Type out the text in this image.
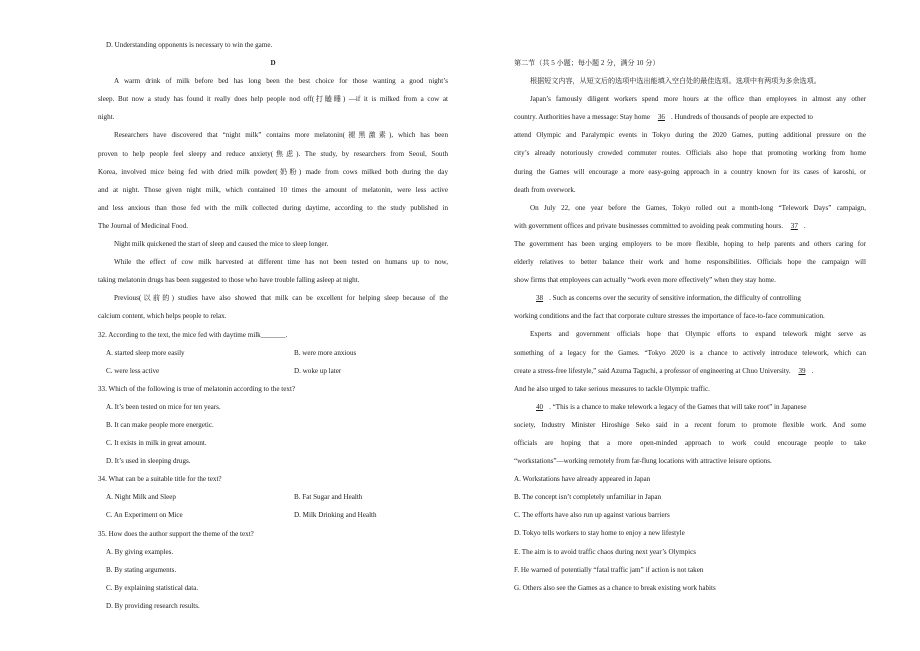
D. Understanding opponents is necessary to win the game.
D
A warm drink of milk before bed has long been the best choice for those wanting a good night’s
sleep. But now a study has found it really does help people nod off(打瞌睡) —if it is milked from a cow at
night.
Researchers have discovered that “night milk” contains more melatonin(褪黑激素), which has been
proven to help people feel sleepy and reduce anxiety(焦虑). The study, by researchers from Seoul, South
Korea, involved mice being fed with dried milk powder(奶粉) made from cows milked both during the day
and at night. Those given night milk, which contained 10 times the amount of melatonin, were less active
and less anxious than those fed with the milk collected during daytime, according to the study published in
The Journal of Medicinal Food.
Night milk quickened the start of sleep and caused the mice to sleep longer.
While the effect of cow milk harvested at different time has not been tested on humans up to now,
taking melatonin drugs has been suggested to those who have trouble falling asleep at night.
Previous(以前的) studies have also showed that milk can be excellent for helping sleep because of the
calcium content, which helps people to relax.
32. According to the text, the mice fed with daytime milk_______.
A. started sleep more easily	B. were more anxious
C. were less active	D. woke up later
33. Which of the following is true of melatonin according to the text?
A. It’s been tested on mice for ten years.
B. It can make people more energetic.
C. It exists in milk in great amount.
D. It’s used in sleeping drugs.
34. What can be a suitable title for the text?
A. Night Milk and Sleep	B. Fat Sugar and Health
C. An Experiment on Mice	D. Milk Drinking and Health
35. How does the author support the theme of the text?
A. By giving examples.
B. By stating arguments.
C. By explaining statistical data.
D. By providing research results.
第二节（共 5 小题；每小题 2 分，满分 10 分）
根据短文内容，从短文后的选项中选出能填入空白处的最佳选项。选项中有两项为多余选项。
Japan’s famously diligent workers spend more hours at the office than employees in almost any other
country. Authorities have a message: Stay home 36 . Hundreds of thousands of people are expected to
attend Olympic and Paralympic events in Tokyo during the 2020 Games, putting additional pressure on the
city’s already notoriously crowded commuter routes. Officials also hope that promoting working from home
during the Games will encourage a more easy-going approach in a country known for its cases of karoshi, or
death from overwork.
On July 22, one year before the Games, Tokyo rolled out a month-long “Telework Days” campaign,
with government offices and private businesses committed to avoiding peak commuting hours. 37 .
The government has been urging employers to be more flexible, hoping to help parents and others caring for
elderly relatives to better balance their work and home responsibilities. Officials hope the campaign will
show firms that employees can actually “work even more effectively” when they stay home.
38 . Such as concerns over the security of sensitive information, the difficulty of controlling
working conditions and the fact that corporate culture stresses the importance of face-to-face communication.
Experts and government officials hope that Olympic efforts to expand telework might serve as
something of a legacy for the Games. “Tokyo 2020 is a chance to actively introduce telework, which can
create a stress-free lifestyle,” said Azuma Taguchi, a professor of engineering at Chuo University. 39 .
And he also urged to take serious measures to tackle Olympic traffic.
40 . “This is a chance to make telework a legacy of the Games that will take root” in Japanese
society, Industry Minister Hiroshige Seko said in a recent forum to promote flexible work. And some
officials are hoping that a more open-minded approach to work could encourage people to take
“workstations”—working remotely from far-flung locations with attractive leisure options.
A. Workstations have already appeared in Japan
B. The concept isn’t completely unfamiliar in Japan
C. The efforts have also run up against various barriers
D. Tokyo tells workers to stay home to enjoy a new lifestyle
E. The aim is to avoid traffic chaos during next year’s Olympics
F. He warned of potentially “fatal traffic jam” if action is not taken
G. Others also see the Games as a chance to break existing work habits
